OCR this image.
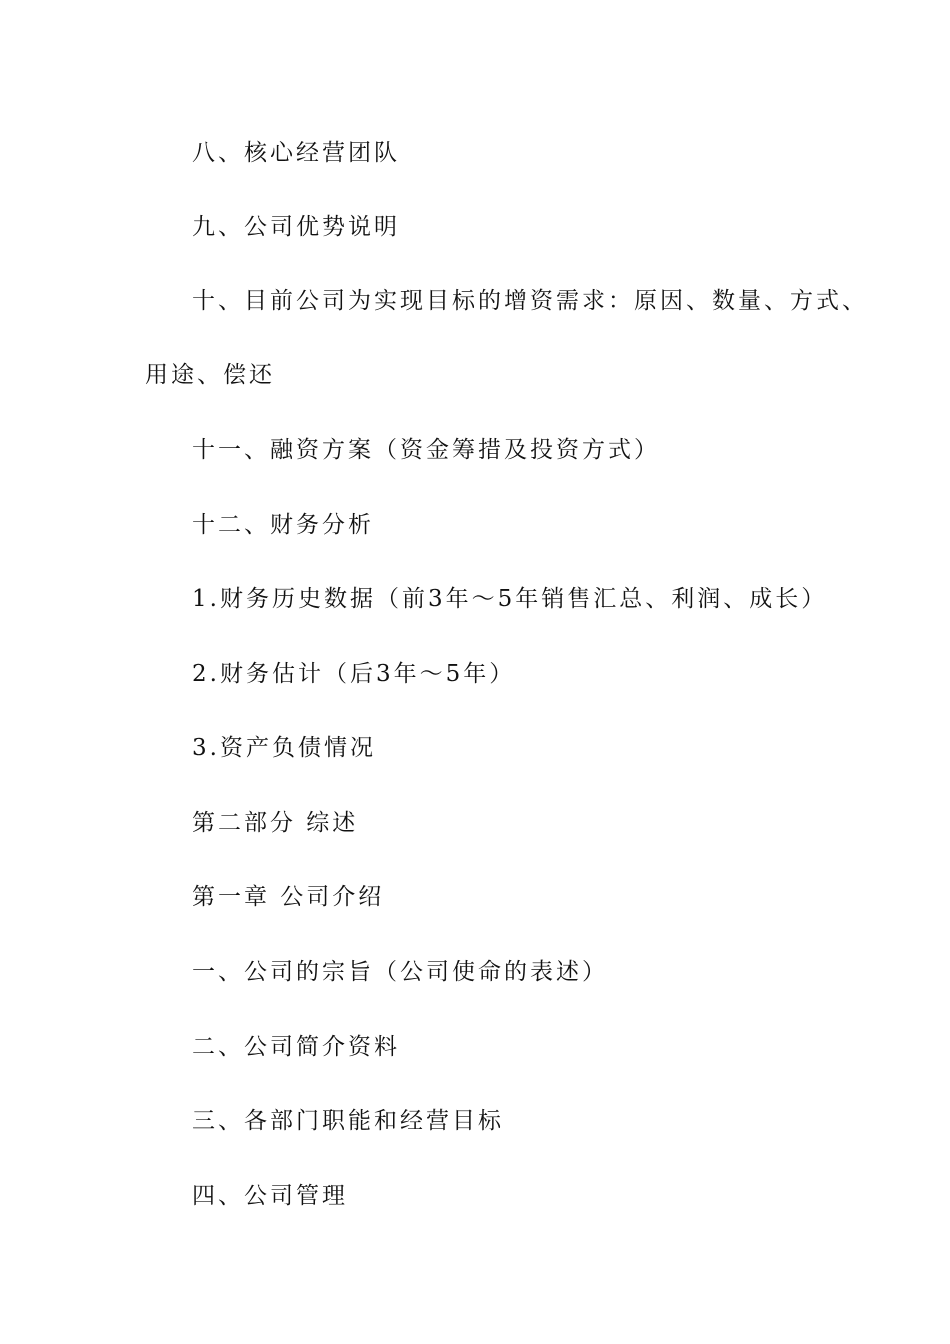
八、核心经营团队
九、公司优势说明
十、目前公司为实现目标的增资需求：原因、数量、方式、
用途、偿还
十一、融资方案（资金筹措及投资方式）
十二、财务分析
1.财务历史数据（前3年～5年销售汇总、利润、成长）
2.财务估计（后3年～5年）
3.资产负债情况
第二部分 综述
第一章 公司介绍
一、公司的宗旨（公司使命的表述）
二、公司简介资料
三、各部门职能和经营目标
四、公司管理
